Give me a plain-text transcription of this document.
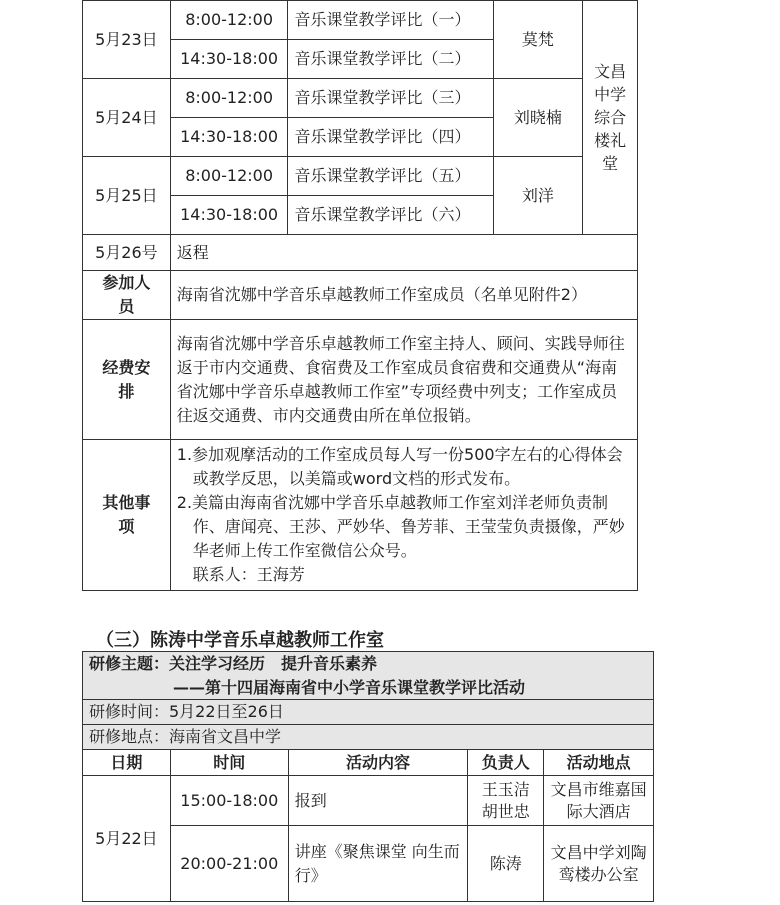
5月23日	8:00-12:00	音乐课堂教学评比（一）	莫梵	文昌中学综合楼礼堂
	14:30-18:00	音乐课堂教学评比（二）		
5月24日	8:00-12:00	音乐课堂教学评比（三）	刘晓楠	
	14:30-18:00	音乐课堂教学评比（四）		
5月25日	8:00-12:00	音乐课堂教学评比（五）	刘洋	
	14:30-18:00	音乐课堂教学评比（六）		
5月26号	返程			
参加人员	海南省沈娜中学音乐卓越教师工作室成员（名单见附件2）			
经费安排	海南省沈娜中学音乐卓越教师工作室主持人、顾问、实践导师往返于市内交通费、食宿费及工作室成员食宿费和交通费从“海南省沈娜中学音乐卓越教师工作室”专项经费中列支；工作室成员往返交通费、市内交通费由所在单位报销。			
其他事项	1.参加观摩活动的工作室成员每人写一份500字左右的心得体会或教学反思，以美篇或word文档的形式发布。
2.美篇由海南省沈娜中学音乐卓越教师工作室刘洋老师负责制作、唐闻亮、王莎、严妙华、鲁芳菲、王莹莹负责摄像，严妙华老师上传工作室微信公众号。
联系人：王海芳			
（三）陈涛中学音乐卓越教师工作室
研修主题：关注学习经历　提升音乐素养
——第十四届海南省中小学音乐课堂教学评比活动				

研修时间：5月22日至26日				
研修地点：海南省文昌中学				
日期	时间	活动内容	负责人	活动地点
5月22日	15:00-18:00	报到	王玉洁胡世忠	文昌市维嘉国际大酒店
	20:00-21:00	讲座《聚焦课堂 向生而行》	陈涛	文昌中学刘陶鸾楼办公室
